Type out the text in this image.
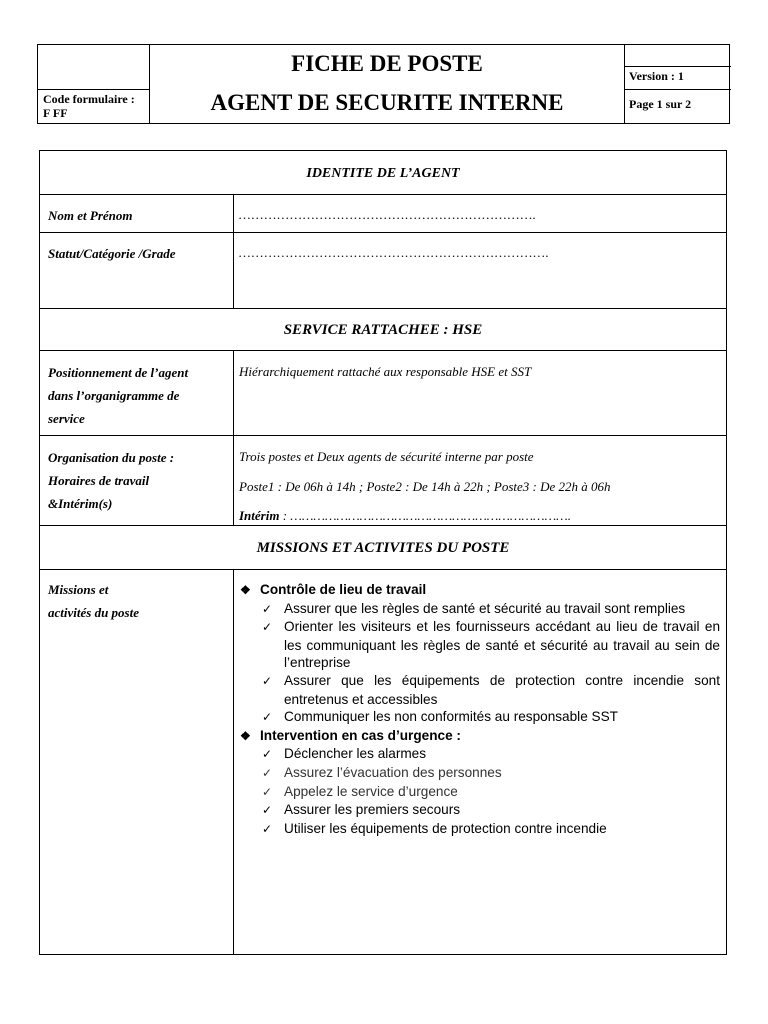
FICHE DE POSTE
AGENT DE SECURITE INTERNE
Version : 1
Page 1 sur 2
Code formulaire :
F FF
IDENTITE DE L’AGENT
Nom et Prénom	…………………………………………………………….
Statut/Catégorie /Grade	……………………………………………………………….
SERVICE RATTACHEE : HSE
Positionnement de l’agent
dans l’organigramme de
service
Hiérarchiquement rattaché aux responsable HSE et SST
Organisation du poste :
Horaires de travail
&Intérim(s)
Trois postes et Deux agents de sécurité interne par poste
Poste1 : De 06h à 14h ; Poste2 : De 14h à 22h ; Poste3 : De 22h à 06h
Intérim : ……………………………………………………………….
MISSIONS ET ACTIVITES DU POSTE
Missions et
activités du poste
❖ Contrôle de lieu de travail
✓ Assurer que les règles de santé et sécurité au travail sont remplies
✓ Orienter les visiteurs et les fournisseurs accédant au lieu de travail en les communiquant les règles de santé et sécurité au travail au sein de l’entreprise
✓ Assurer que les équipements de protection contre incendie sont entretenus et accessibles
✓ Communiquer les non conformités au responsable SST
❖ Intervention en cas d’urgence :
✓ Déclencher les alarmes
✓ Assurez l’évacuation des personnes
✓ Appelez le service d’urgence
✓ Assurer les premiers secours
✓ Utiliser les équipements de protection contre incendie
